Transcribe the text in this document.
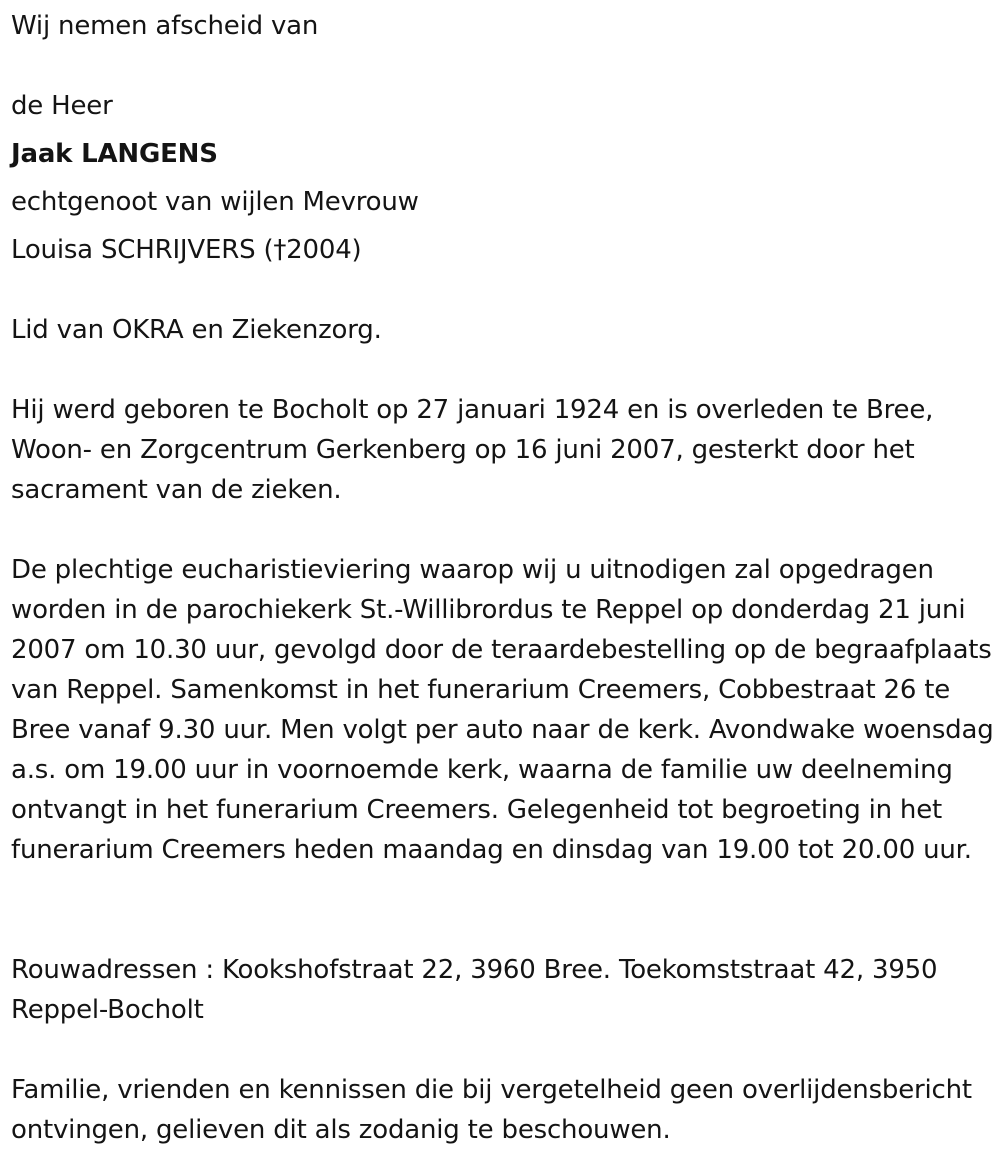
Wij nemen afscheid van
de Heer
Jaak LANGENS
echtgenoot van wijlen Mevrouw
Louisa SCHRIJVERS (†2004)
Lid van OKRA en Ziekenzorg.
Hij werd geboren te Bocholt op 27 januari 1924 en is overleden te Bree, Woon- en Zorgcentrum Gerkenberg op 16 juni 2007, gesterkt door het sacrament van de zieken.
De plechtige eucharistieviering waarop wij u uitnodigen zal opgedragen worden in de parochiekerk St.-Willibrordus te Reppel op donderdag 21 juni 2007 om 10.30 uur, gevolgd door de teraardebestelling op de begraafplaats van Reppel. Samenkomst in het funerarium Creemers, Cobbestraat 26 te Bree vanaf 9.30 uur. Men volgt per auto naar de kerk. Avondwake woensdag a.s. om 19.00 uur in voornoemde kerk, waarna de familie uw deelneming ontvangt in het funerarium Creemers. Gelegenheid tot begroeting in het funerarium Creemers heden maandag en dinsdag van 19.00 tot 20.00 uur.
Rouwadressen : Kookshofstraat 22, 3960 Bree. Toekomststraat 42, 3950 Reppel-Bocholt
Familie, vrienden en kennissen die bij vergetelheid geen overlijdensbericht ontvingen, gelieven dit als zodanig te beschouwen.
